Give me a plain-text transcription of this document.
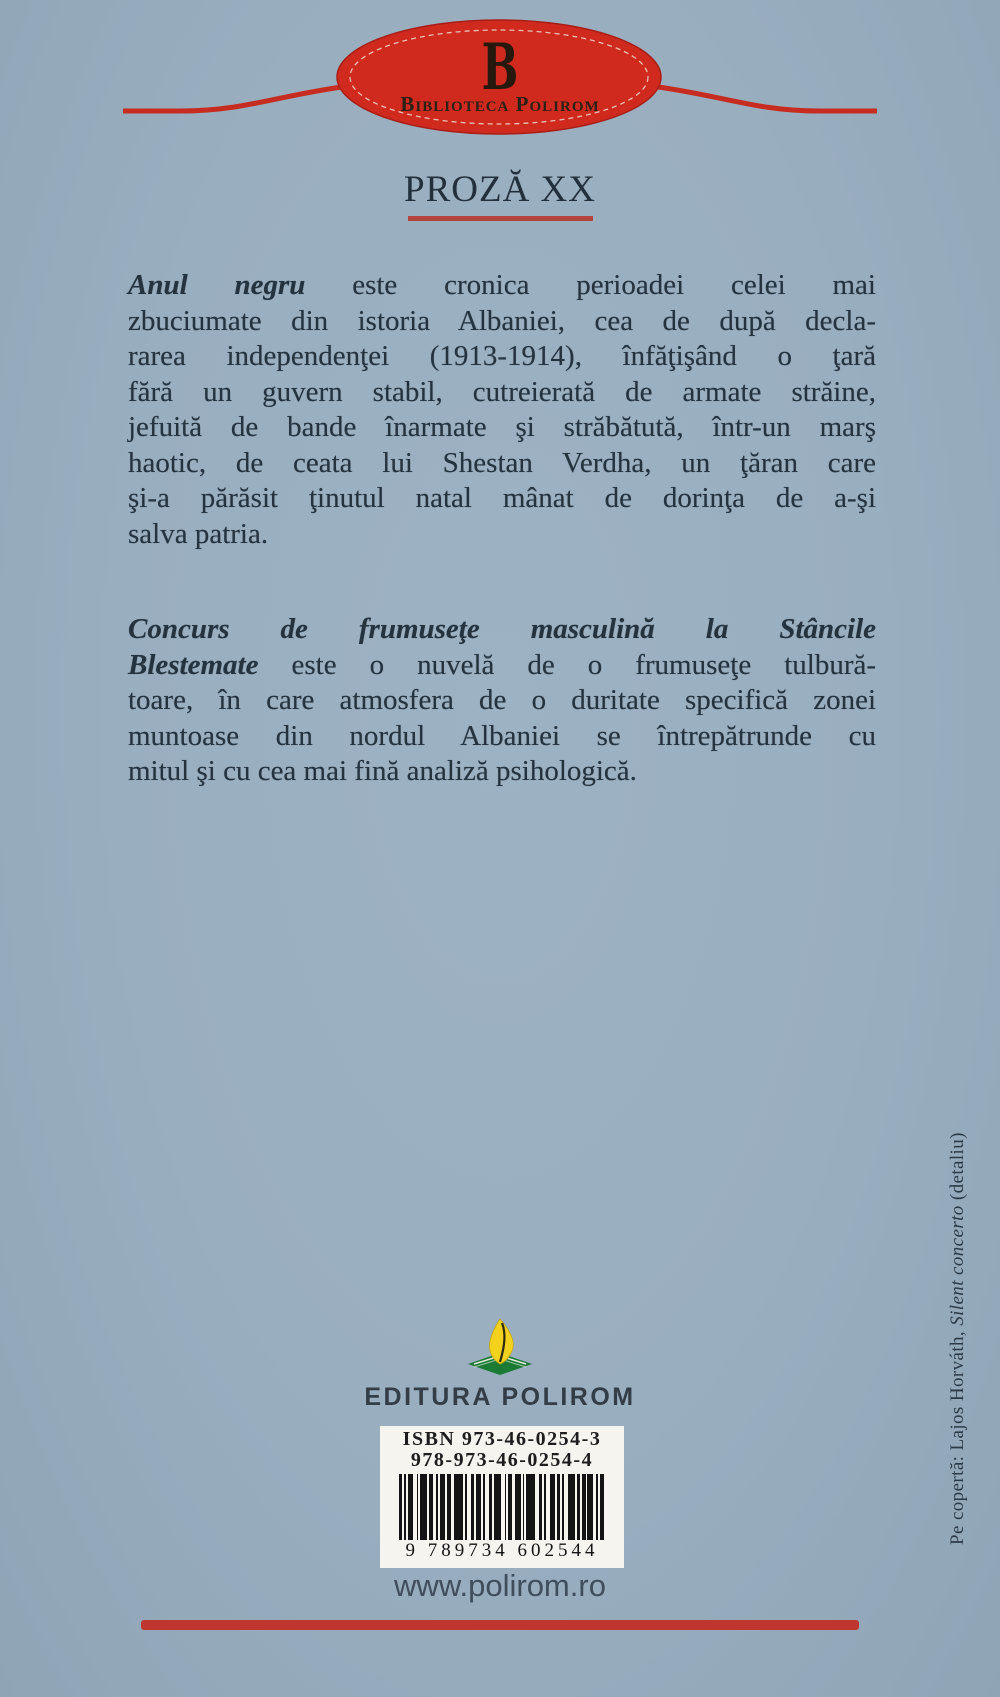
B
Biblioteca Polirom
PROZĂ XX
Anul negru este cronica perioadei celei mai
zbuciumate din istoria Albaniei, cea de după decla-
rarea independenţei (1913-1914), înfăţişând o ţară
fără un guvern stabil, cutreierată de armate străine,
jefuită de bande înarmate şi străbătută, într-un marş
haotic, de ceata lui Shestan Verdha, un ţăran care
şi-a părăsit ţinutul natal mânat de dorinţa de a-şi
salva patria.
Concurs de frumuseţe masculină la Stâncile
Blestemate este o nuvelă de o frumuseţe tulbură-
toare, în care atmosfera de o duritate specifică zonei
muntoase din nordul Albaniei se întrepătrunde cu
mitul şi cu cea mai fină analiză psihologică.
Pe copertă: Lajos Horváth, Silent concerto (detaliu)
EDITURA POLIROM
ISBN 973-46-0254-3
978-973-46-0254-4
9 789734 602544
www.polirom.ro
